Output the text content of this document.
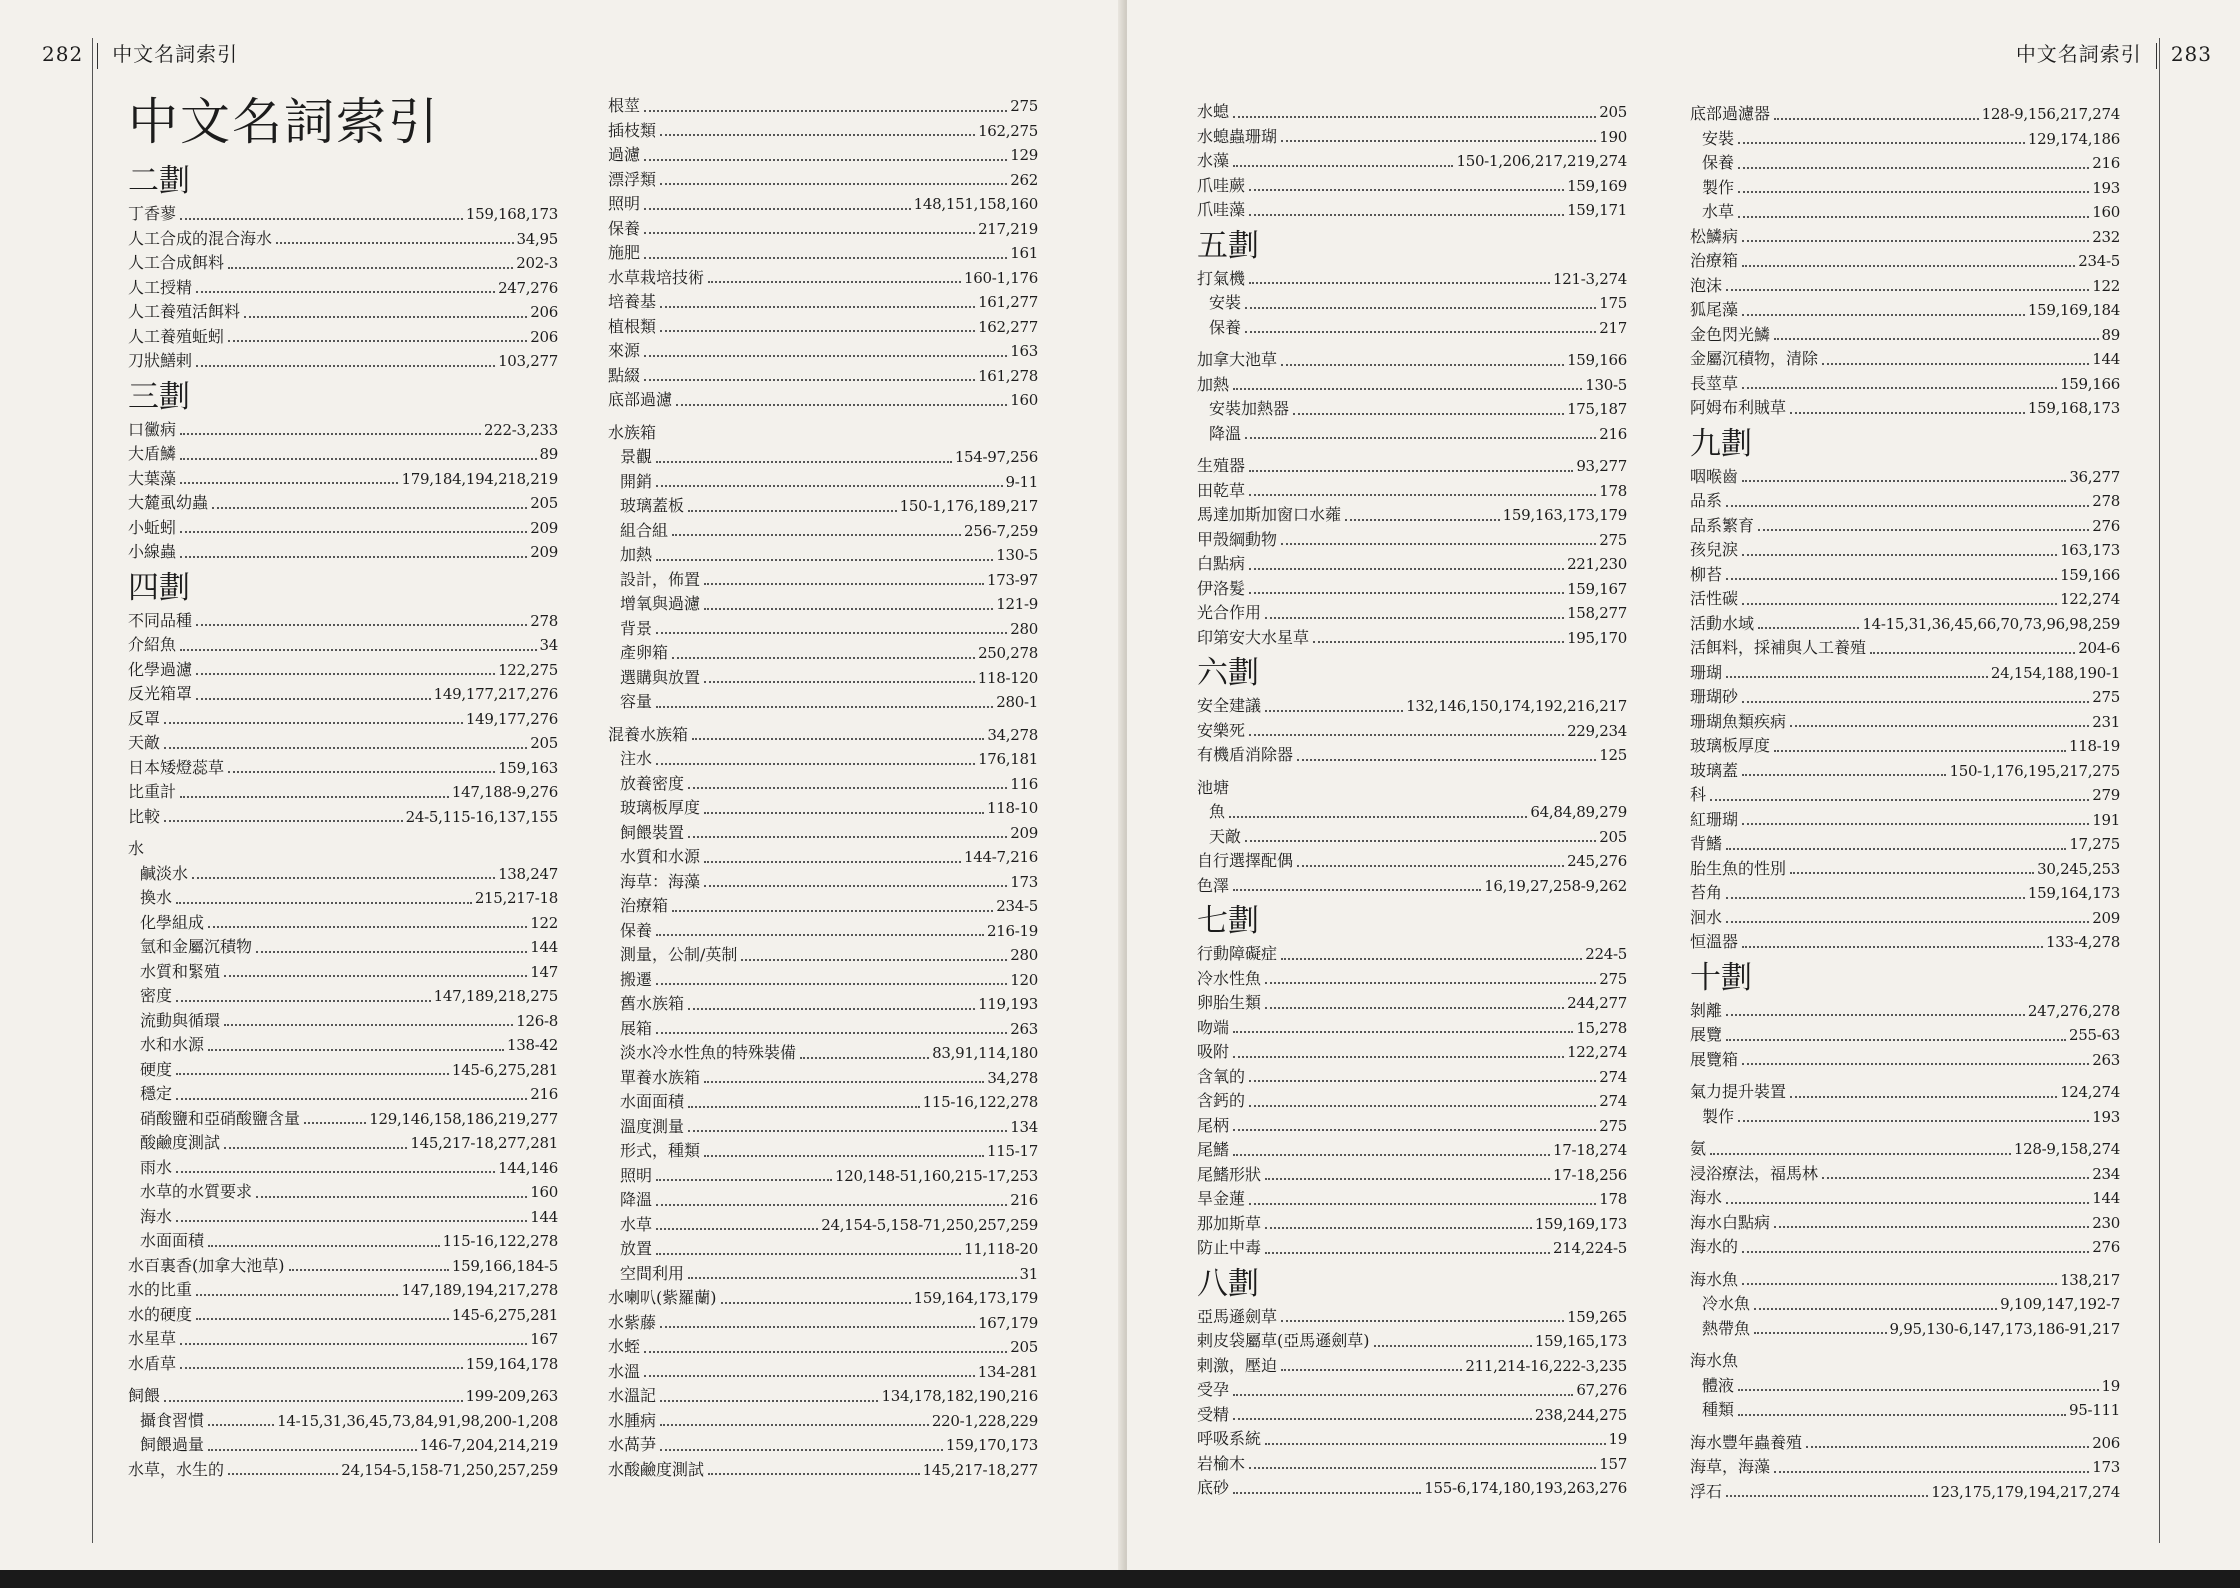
282 中文名詞索引
中文名詞索引
二劃
丁香蓼	159,168,173
人工合成的混合海水	34,95
人工合成餌料	202-3
人工授精	247,276
人工養殖活餌料	206
人工養殖蚯蚓	206
刀狀鱔剌	103,277
三劃
口黴病	222-3,233
大盾鱗	89
大葉藻	179,184,194,218,219
大麓虱幼蟲	205
小蚯蚓	209
小線蟲	209
四劃
不同品種	278
介紹魚	34
化學過濾	122,275
反光箱罩	149,177,217,276
反罩	149,177,276
天敵	205
日本矮燈蕊草	159,163
比重計	147,188-9,276
比較	24-5,115-16,137,155
水
鹹淡水	138,247
換水	215,217-18
化學組成	122
氫和金屬沉積物	144
水質和緊殖	147
密度	147,189,218,275
流動與循環	126-8
水和水源	138-42
硬度	145-6,275,281
穩定	216
硝酸鹽和亞硝酸鹽含量	129,146,158,186,219,277
酸鹼度測試	145,217-18,277,281
雨水	144,146
水草的水質要求	160
海水	144
水面面積	115-16,122,278
水百裏香(加拿大池草)	159,166,184-5
水的比重	147,189,194,217,278
水的硬度	145-6,275,281
水星草	167
水盾草	159,164,178
飼餵	199-209,263
攝食習慣	14-15,31,36,45,73,84,91,98,200-1,208
飼餵過量	146-7,204,214,219
水草，水生的	24,154-5,158-71,250,257,259
根莖	275
插枝類	162,275
過濾	129
漂浮類	262
照明	148,151,158,160
保養	217,219
施肥	161
水草栽培技術	160-1,176
培養基	161,277
植根類	162,277
來源	163
點綴	161,278
底部過濾	160
水族箱
景觀	154-97,256
開銷	9-11
玻璃蓋板	150-1,176,189,217
組合組	256-7,259
加熱	130-5
設計，佈置	173-97
增氧與過濾	121-9
背景	280
產卵箱	250,278
選購與放置	118-120
容量	280-1
混養水族箱	34,278
注水	176,181
放養密度	116
玻璃板厚度	118-10
飼餵裝置	209
水質和水源	144-7,216
海草：海藻	173
治療箱	234-5
保養	216-19
測量，公制/英制	280
搬遷	120
舊水族箱	119,193
展箱	263
淡水冷水性魚的特殊裝備	83,91,114,180
單養水族箱	34,278
水面面積	115-16,122,278
溫度測量	134
形式，種類	115-17
照明	120,148-51,160,215-17,253
降溫	216
水草	24,154-5,158-71,250,257,259
放置	11,118-20
空間利用	31
水喇叭(紫羅蘭)	159,164,173,179
水紫藤	167,179
水蛭	205
水溫	134-281
水溫記	134,178,182,190,216
水腫病	220-1,228,229
水萵芛	159,170,173
水酸鹼度測試	145,217-18,277
中文名詞索引 283
水螅	205
水螅蟲珊瑚	190
水藻	150-1,206,217,219,274
爪哇蕨	159,169
爪哇藻	159,171
五劃
打氣機	121-3,274
安裝	175
保養	217
加拿大池草	159,166
加熱	130-5
安裝加熱器	175,187
降溫	216
生殖器	93,277
田乾草	178
馬達加斯加窗口水蕹	159,163,173,179
甲殼綱動物	275
白點病	221,230
伊洛髮	159,167
光合作用	158,277
印第安大水星草	195,170
六劃
安全建議	132,146,150,174,192,216,217
安樂死	229,234
有機盾消除器	125
池塘
魚	64,84,89,279
天敵	205
自行選擇配偶	245,276
色澤	16,19,27,258-9,262
七劃
行動障礙症	224-5
冷水性魚	275
卵胎生類	244,277
吻端	15,278
吸附	122,274
含氧的	274
含鈣的	274
尾柄	275
尾鰭	17-18,274
尾鰭形狀	17-18,256
旱金蓮	178
那加斯草	159,169,173
防止中毒	214,224-5
八劃
亞馬遜劍草	159,265
剌皮袋屬草(亞馬遜劍草)	159,165,173
剌激，壓迫	211,214-16,222-3,235
受孕	67,276
受精	238,244,275
呼吸系統	19
岩榆木	157
底砂	155-6,174,180,193,263,276
底部過濾器	128-9,156,217,274
安裝	129,174,186
保養	216
製作	193
水草	160
松鱗病	232
治療箱	234-5
泡沫	122
狐尾藻	159,169,184
金色閃光鱗	89
金屬沉積物，清除	144
長莖草	159,166
阿姆布利賊草	159,168,173
九劃
咽喉齒	36,277
品系	278
品系繁育	276
孩兒淚	163,173
柳苔	159,166
活性碳	122,274
活動水域	14-15,31,36,45,66,70,73,96,98,259
活餌料，採補與人工養殖	204-6
珊瑚	24,154,188,190-1
珊瑚砂	275
珊瑚魚類疾病	231
玻璃板厚度	118-19
玻璃蓋	150-1,176,195,217,275
科	279
紅珊瑚	191
背鰭	17,275
胎生魚的性別	30,245,253
苔角	159,164,173
洄水	209
恒溫器	133-4,278
十劃
剝離	247,276,278
展覽	255-63
展覽箱	263
氣力提升裝置	124,274
製作	193
氨	128-9,158,274
浸浴療法，福馬林	234
海水	144
海水白點病	230
海水的	276
海水魚	138,217
冷水魚	9,109,147,192-7
熱帶魚	9,95,130-6,147,173,186-91,217
海水魚
體液	19
種類	95-111
海水豐年蟲養殖	206
海草，海藻	173
浮石	123,175,179,194,217,274
